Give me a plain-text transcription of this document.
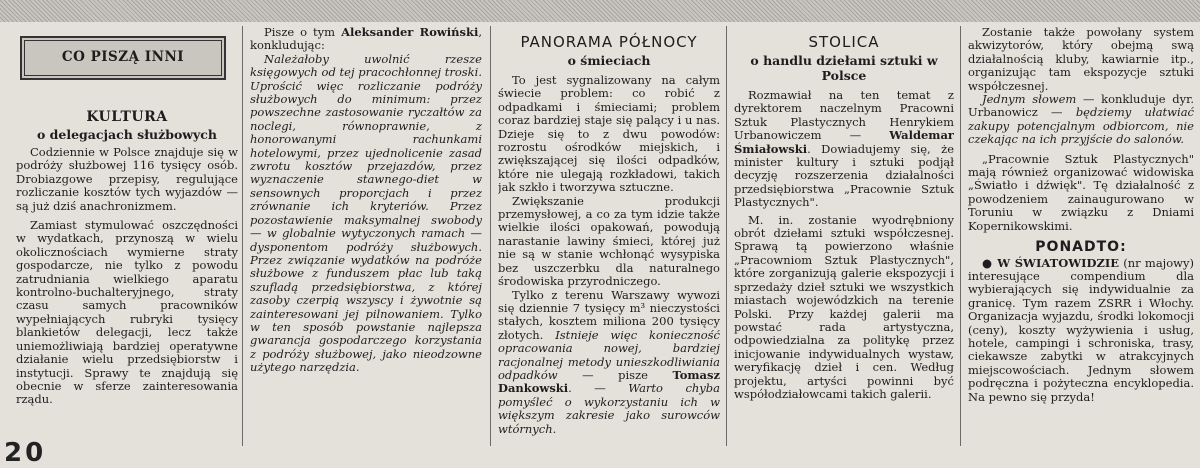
CO PISZĄ INNI
KULTURA
o delegacjach służbowych

Codziennie w Polsce znajduje się w podróży służbowej 116 tysięcy osób. Drobiazgowe przepisy, regulujące rozliczanie kosztów tych wyjazdów — są już dziś anachronizmem.

Zamiast stymulować oszczędności w wydatkach, przynoszą w wielu okolicznościach wymierne straty gospodarcze, nie tylko z powodu zatrudniania wielkiego aparatu kontrolno-buchalteryjnego, straty czasu samych pracowników wypełniających rubryki tysięcy blankietów delegacji, lecz także uniemożliwiają bardziej operatywne działanie wielu przedsiębiorstw i instytucji. Sprawy te znajdują się obecnie w sferze zainteresowania rządu.

Pisze o tym Aleksander Rowiński, konkludując:

Należałoby uwolnić rzesze księgowych od tej pracochłonnej troski. Uprościć więc rozliczanie podróży służbowych do minimum: przez powszechne zastosowanie ryczałtów za noclegi, równoprawnie, z honorowanymi rachunkami hotelowymi, przez ujednolicenie zasad zwrotu kosztów przejazdów, przez wyznaczenie stawnego-diet w sensownych proporcjach i przez zrównanie ich kryteriów. Przez pozostawienie maksymalnej swobody — w globalnie wytyczonych ramach — dysponentom podróży służbowych. Przez związanie wydatków na podróże służbowe z funduszem płac lub taką szufladą przedsiębiorstwa, z której zasoby czerpią wszyscy i żywotnie są zainteresowani jej pilnowaniem. Tylko w ten sposób powstanie najlepsza gwarancja gospodarczego korzystania z podróży służbowej, jako nieodzowne użytego narzędzia.

PANORAMA PÓŁNOCY
o śmieciach

To jest sygnalizowany na całym świecie problem: co robić z odpadkami i śmieciami; problem coraz bardziej staje się palący i u nas. Dzieje się to z dwu powodów: rozrostu ośrodków miejskich, i zwiększającej się ilości odpadków, które nie ulegają rozkładowi, takich jak szkło i tworzywa sztuczne.

Zwiększanie produkcji przemysłowej, a co za tym idzie także wielkie ilości opakowań, powodują narastanie lawiny śmieci, której już nie są w stanie wchłonąć wysypiska bez uszczerbku dla naturalnego środowiska przyrodniczego.

Tylko z terenu Warszawy wywozi się dziennie 7 tysięcy m³ nieczystości stałych, kosztem miliona 200 tysięcy złotych. Istnieje więc konieczność opracowania nowej, bardziej racjonalnej metody unieszkodliwiania odpadków — pisze Tomasz Dankowski. — Warto chyba pomyśleć o wykorzystaniu ich w większym zakresie jako surowców wtórnych.

STOLICA
o handlu dziełami sztuki w Polsce

Rozmawiał na ten temat z dyrektorem naczelnym Pracowni Sztuk Plastycznych Henrykiem Urbanowiczem — Waldemar Śmiałowski. Dowiadujemy się, że minister kultury i sztuki podjął decyzję rozszerzenia działalności przedsiębiorstwa „Pracownie Sztuk Plastycznych".

M. in. zostanie wyodrębniony obrót dziełami sztuki współczesnej. Sprawą tą powierzono właśnie „Pracowniom Sztuk Plastycznych", które zorganizują galerie ekspozycji i sprzedaży dzieł sztuki we wszystkich miastach wojewódzkich na terenie Polski. Przy każdej galerii ma powstać rada artystyczna, odpowiedzialna za politykę przez inicjowanie indywidualnych wystaw, weryfikację dzieł i cen. Według projektu, artyści powinni być współodziałowcami takich galerii.

Zostanie także powołany system akwizytorów, który obejmą swą działalnością kluby, kawiarnie itp., organizując tam ekspozycje sztuki współczesnej.

Jednym słowem — konkluduje dyr. Urbanowicz — będziemy ułatwiać zakupy potencjalnym odbiorcom, nie czekając na ich przyjście do salonów.

„Pracownie Sztuk Plastycznych" mają również organizować widowiska „Światło i dźwięk". Tę działalność z powodzeniem zainaugurowano w Toruniu w związku z Dniami Kopernikowskimi.

PONADTO:

● W ŚWIATOWIDZIE (nr majowy) interesujące compendium dla wybierających się indywidualnie za granicę. Tym razem ZSRR i Włochy. Organizacja wyjazdu, środki lokomocji (ceny), koszty wyżywienia i usług, hotele, campingi i schroniska, trasy, ciekawsze zabytki w atrakcyjnych miejscowościach. Jednym słowem podręczna i pożyteczna encyklopedia. Na pewno się przyda!

20
